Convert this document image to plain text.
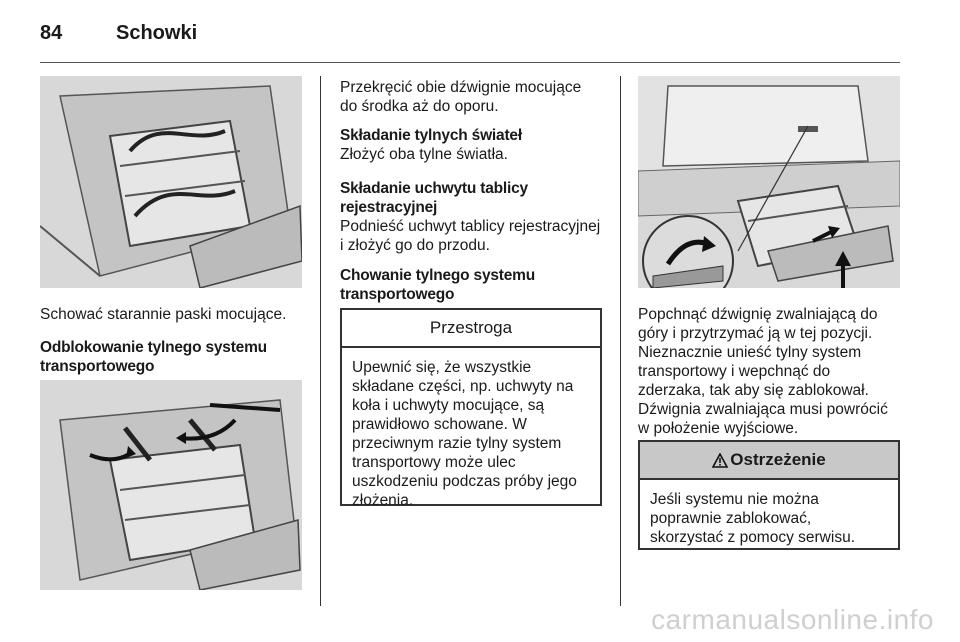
84	Schowki

Schować starannie paski mocujące.

Odblokowanie tylnego systemu transportowego

Przekręcić obie dźwignie mocujące do środka aż do oporu.

Składanie tylnych świateł

Złożyć oba tylne światła.

Składanie uchwytu tablicy rejestracyjnej

Podnieść uchwyt tablicy rejestracyjnej i złożyć go do przodu.

Chowanie tylnego systemu transportowego

Przestroga
Upewnić się, że wszystkie składane części, np. uchwyty na koła i uchwyty mocujące, są prawidłowo schowane. W przeciwnym razie tylny system transportowy może ulec uszkodzeniu podczas próby jego złożenia.

Popchnąć dźwignię zwalniającą do góry i przytrzymać ją w tej pozycji. Nieznacznie unieść tylny system transportowy i wepchnąć do zderzaka, tak aby się zablokował.

Dźwignia zwalniająca musi powrócić w położenie wyjściowe.

Ostrzeżenie
Jeśli systemu nie można poprawnie zablokować, skorzystać z pomocy serwisu.
carmanualsonline.info
